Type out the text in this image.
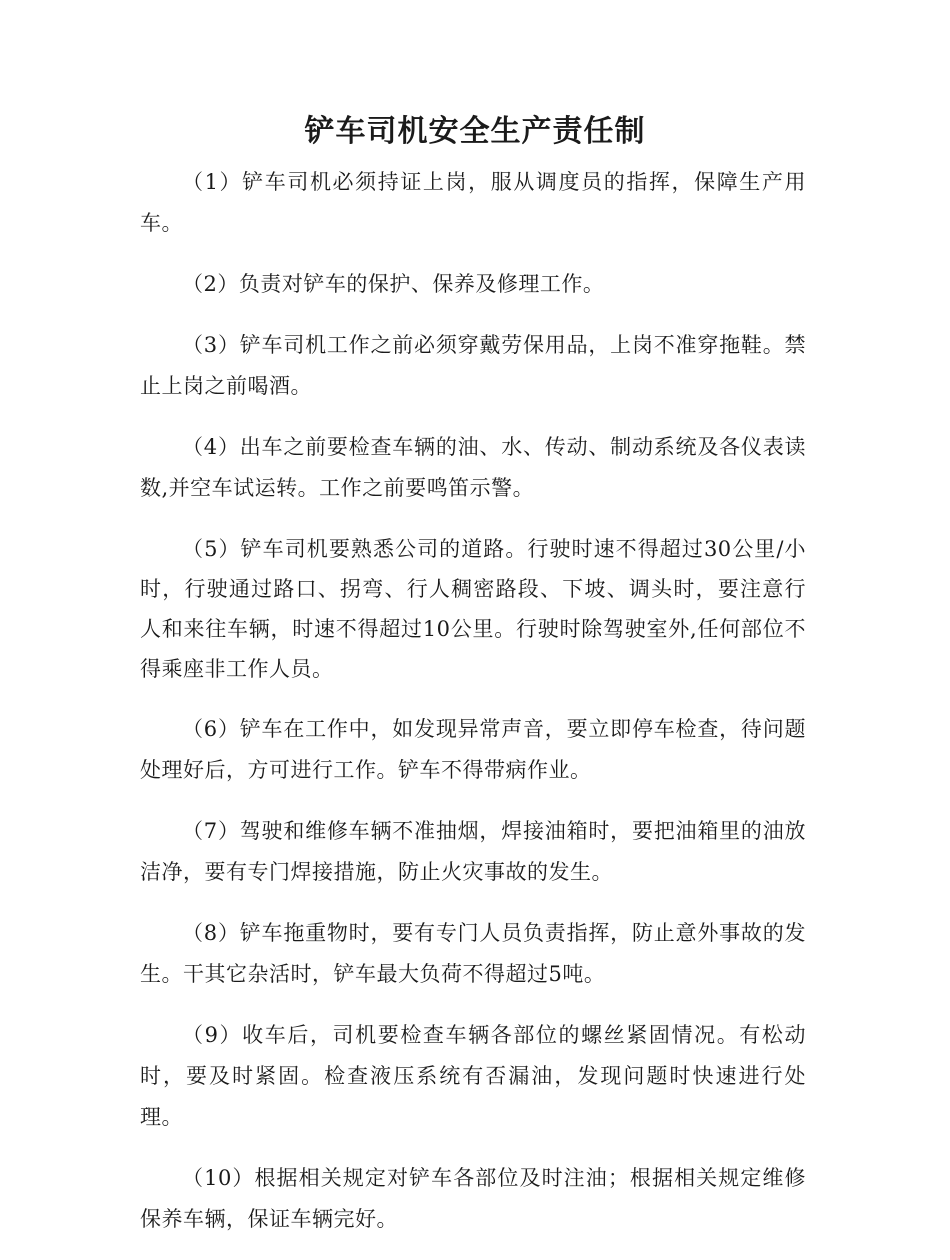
铲车司机安全生产责任制

（1）铲车司机必须持证上岗，服从调度员的指挥，保障生产用车。

（2）负责对铲车的保护、保养及修理工作。

（3）铲车司机工作之前必须穿戴劳保用品，上岗不准穿拖鞋。禁止上岗之前喝酒。

（4）出车之前要检查车辆的油、水、传动、制动系统及各仪表读数,并空车试运转。工作之前要鸣笛示警。

（5）铲车司机要熟悉公司的道路。行驶时速不得超过30公里/小时，行驶通过路口、拐弯、行人稠密路段、下坡、调头时，要注意行人和来往车辆，时速不得超过10公里。行驶时除驾驶室外,任何部位不得乘座非工作人员。

（6）铲车在工作中，如发现异常声音，要立即停车检查，待问题处理好后，方可进行工作。铲车不得带病作业。

（7）驾驶和维修车辆不准抽烟，焊接油箱时，要把油箱里的油放洁净，要有专门焊接措施，防止火灾事故的发生。

（8）铲车拖重物时，要有专门人员负责指挥，防止意外事故的发生。干其它杂活时，铲车最大负荷不得超过5吨。

（9）收车后，司机要检查车辆各部位的螺丝紧固情况。有松动时，要及时紧固。检查液压系统有否漏油，发现问题时快速进行处理。

（10）根据相关规定对铲车各部位及时注油；根据相关规定维修保养车辆，保证车辆完好。
